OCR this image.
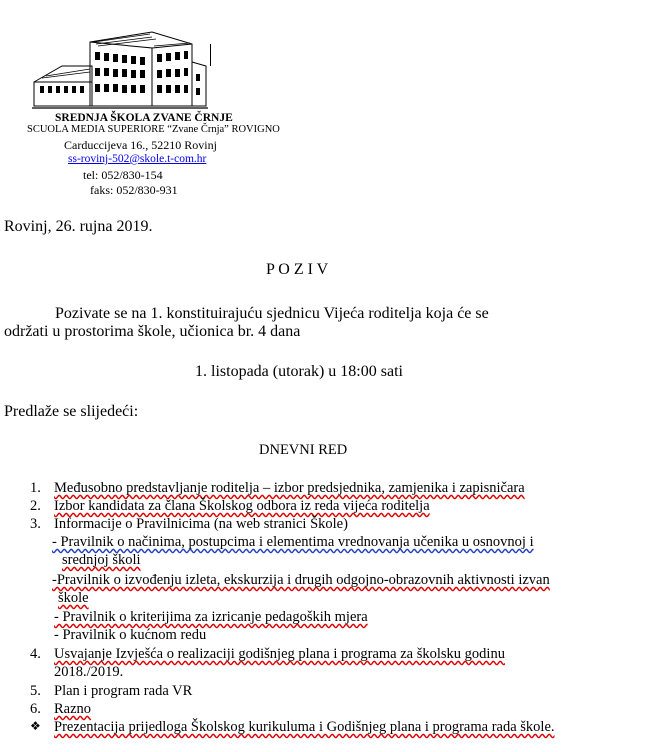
SREDNJA ŠKOLA ZVANE ČRNJE
SCUOLA MEDIA SUPERIORE “Zvane Črnja” ROVIGNO
Carduccijeva 16., 52210 Rovinj
ss-rovinj-502@skole.t-com.hr
tel: 052/830-154
faks: 052/830-931
Rovinj, 26. rujna 2019.
P O Z I V
Pozivate se na 1. konstituirajuću sjednicu Vijeća roditelja koja će se
održati u prostorima škole, učionica br. 4 dana
1. listopada (utorak) u 18:00 sati
Predlaže se slijedeći:
DNEVNI RED
1. Međusobno predstavljanje roditelja – izbor predsjednika, zamjenika i zapisničara
2. Izbor kandidata za člana Školskog odbora iz reda vijeća roditelja
3. Informacije o Pravilnicima (na web stranici Škole)
- Pravilnik o načinima, postupcima i elementima vrednovanja učenika u osnovnoj i
srednjoj školi
-Pravilnik o izvođenju izleta, ekskurzija i drugih odgojno-obrazovnih aktivnosti izvan
škole
- Pravilnik o kriterijima za izricanje pedagoških mjera
- Pravilnik o kućnom redu
4. Usvajanje Izvješća o realizaciji godišnjeg plana i programa za školsku godinu
2018./2019.
5. Plan i program rada VR
6. Razno
❖ Prezentacija prijedloga Školskog kurikuluma i Godišnjeg plana i programa rada škole.
